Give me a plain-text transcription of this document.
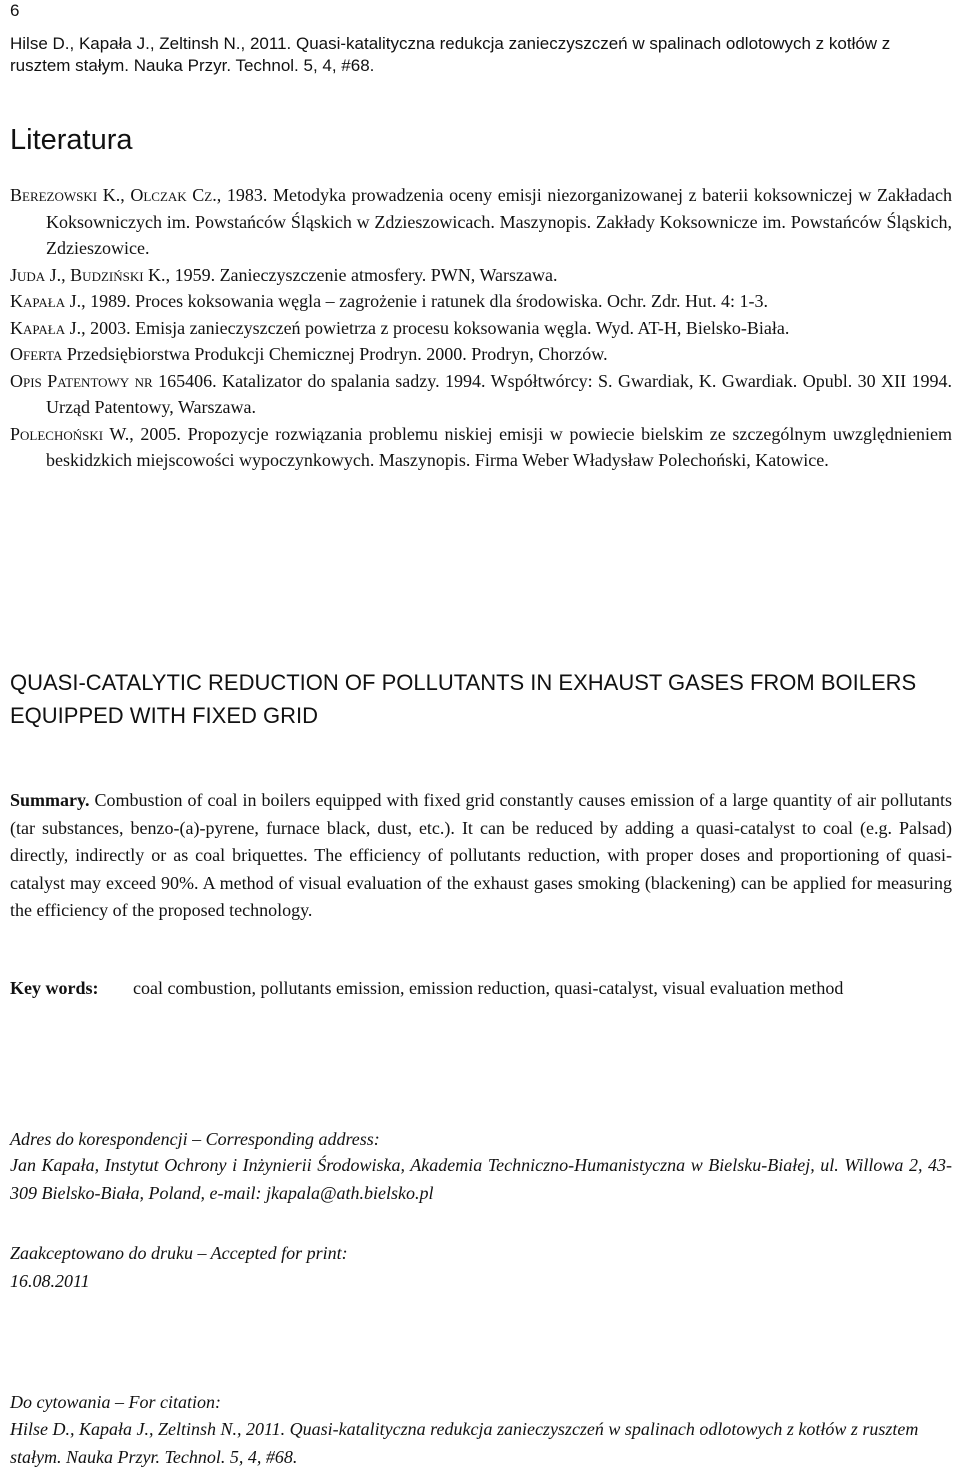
6
Hilse D., Kapała J., Zeltinsh N., 2011. Quasi-katalityczna redukcja zanieczyszczeń w spalinach odlotowych z kotłów z rusztem stałym. Nauka Przyr. Technol. 5, 4, #68.
Literatura

Berezowski K., Olczak Cz., 1983. Metodyka prowadzenia oceny emisji niezorganizowanej z baterii koksowniczej w Zakładach Koksowniczych im. Powstańców Śląskich w Zdzieszowicach. Maszynopis. Zakłady Koksownicze im. Powstańców Śląskich, Zdzieszowice.

Juda J., Budziński K., 1959. Zanieczyszczenie atmosfery. PWN, Warszawa.

Kapała J., 1989. Proces koksowania węgla – zagrożenie i ratunek dla środowiska. Ochr. Zdr. Hut. 4: 1-3.

Kapała J., 2003. Emisja zanieczyszczeń powietrza z procesu koksowania węgla. Wyd. AT-H, Bielsko-Biała.

Oferta Przedsiębiorstwa Produkcji Chemicznej Prodryn. 2000. Prodryn, Chorzów.

Opis Patentowy nr 165406. Katalizator do spalania sadzy. 1994. Współtwórcy: S. Gwardiak, K. Gwardiak. Opubl. 30 XII 1994. Urząd Patentowy, Warszawa.

Polechoński W., 2005. Propozycje rozwiązania problemu niskiej emisji w powiecie bielskim ze szczególnym uwzględnieniem beskidzkich miejscowości wypoczynkowych. Maszynopis. Firma Weber Władysław Polechoński, Katowice.

QUASI-CATALYTIC REDUCTION OF POLLUTANTS IN EXHAUST GASES FROM BOILERS EQUIPPED WITH FIXED GRID

Summary. Combustion of coal in boilers equipped with fixed grid constantly causes emission of a large quantity of air pollutants (tar substances, benzo-(a)-pyrene, furnace black, dust, etc.). It can be reduced by adding a quasi-catalyst to coal (e.g. Palsad) directly, indirectly or as coal briquettes. The efficiency of pollutants reduction, with proper doses and proportioning of quasi-catalyst may exceed 90%. A method of visual evaluation of the exhaust gases smoking (blackening) can be applied for measuring the efficiency of the proposed technology.

Key words: coal combustion, pollutants emission, emission reduction, quasi-catalyst, visual evaluation method

Adres do korespondencji – Corresponding address:

Jan Kapała, Instytut Ochrony i Inżynierii Środowiska, Akademia Techniczno-Humanistyczna w Bielsku-Białej, ul. Willowa 2, 43-309 Bielsko-Biała, Poland, e-mail: jkapala@ath.bielsko.pl

Zaakceptowano do druku – Accepted for print:

16.08.2011

Do cytowania – For citation:

Hilse D., Kapała J., Zeltinsh N., 2011. Quasi-katalityczna redukcja zanieczyszczeń w spalinach odlotowych z kotłów z rusztem stałym. Nauka Przyr. Technol. 5, 4, #68.
